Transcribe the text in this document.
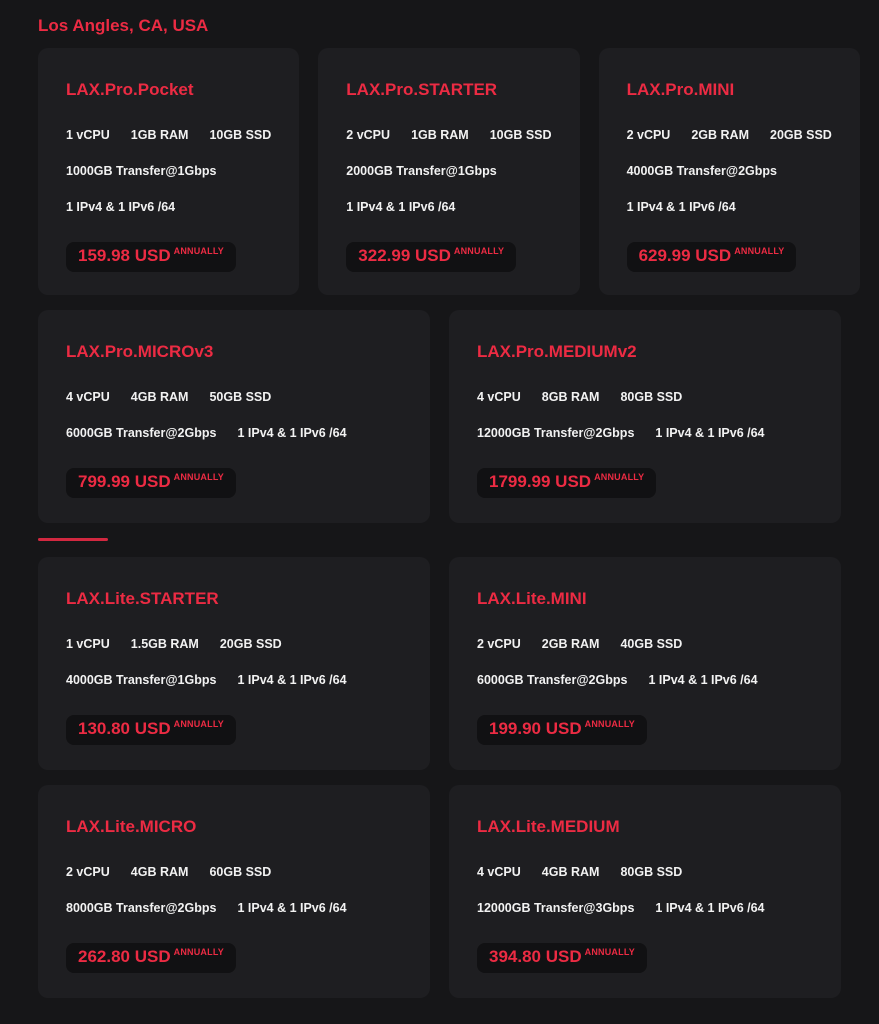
Los Angles, CA, USA
LAX.Pro.Pocket
1 vCPU 1GB RAM 10GB SSD
1000GB Transfer@1Gbps
1 IPv4 & 1 IPv6 /64
159.98 USD $^{ANNUALLY}$
LAX.Pro.STARTER
2 vCPU 1GB RAM 10GB SSD
2000GB Transfer@1Gbps
1 IPv4 & 1 IPv6 /64
322.99 USD $^{ANNUALLY}$
LAX.Pro.MINI
2 vCPU 2GB RAM 20GB SSD
4000GB Transfer@2Gbps
1 IPv4 & 1 IPv6 /64
629.99 USD $^{ANNUALLY}$
LAX.Pro.MICROv3
4 vCPU 4GB RAM 50GB SSD
6000GB Transfer@2Gbps 1 IPv4 & 1 IPv6 /64
799.99 USD $^{ANNUALLY}$
LAX.Pro.MEDIUMv2
4 vCPU 8GB RAM 80GB SSD
12000GB Transfer@2Gbps 1 IPv4 & 1 IPv6 /64
1799.99 USD $^{ANNUALLY}$
LAX.Lite.STARTER
1 vCPU 1.5GB RAM 20GB SSD
4000GB Transfer@1Gbps 1 IPv4 & 1 IPv6 /64
130.80 USD $^{ANNUALLY}$
LAX.Lite.MINI
2 vCPU 2GB RAM 40GB SSD
6000GB Transfer@2Gbps 1 IPv4 & 1 IPv6 /64
199.90 USD $^{ANNUALLY}$
LAX.Lite.MICRO
2 vCPU 4GB RAM 60GB SSD
8000GB Transfer@2Gbps 1 IPv4 & 1 IPv6 /64
262.80 USD $^{ANNUALLY}$
LAX.Lite.MEDIUM
4 vCPU 4GB RAM 80GB SSD
12000GB Transfer@3Gbps 1 IPv4 & 1 IPv6 /64
394.80 USD $^{ANNUALLY}$
